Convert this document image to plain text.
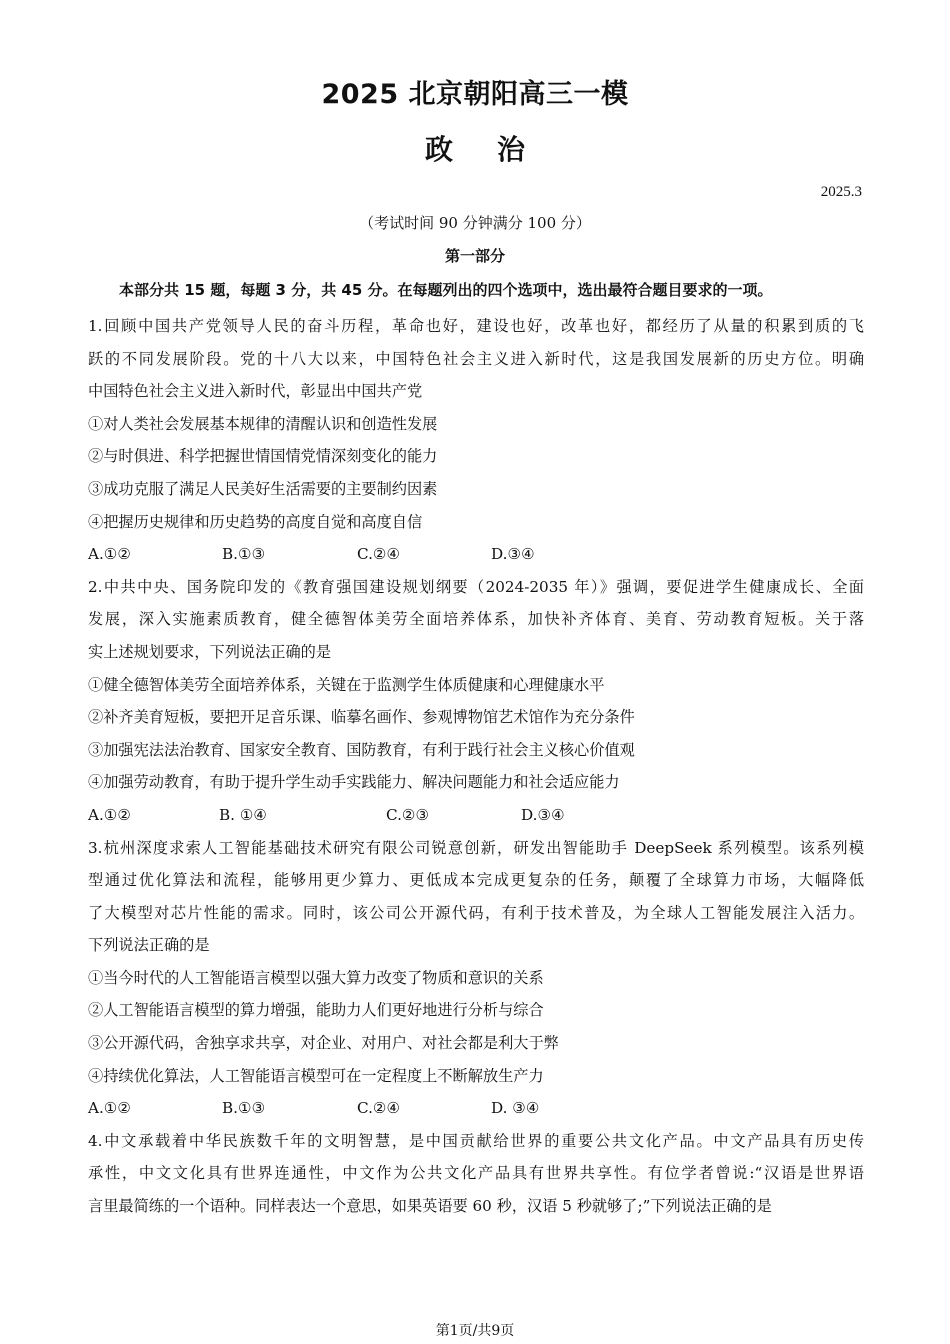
2025 北京朝阳高三一模
政治
2025.3
（考试时间 90 分钟满分 100 分）
第一部分
本部分共 15 题，每题 3 分，共 45 分。在每题列出的四个选项中，选出最符合题目要求的一项。
1.回顾中国共产党领导人民的奋斗历程，革命也好，建设也好，改革也好，都经历了从量的积累到质的飞
跃的不同发展阶段。党的十八大以来，中国特色社会主义进入新时代，这是我国发展新的历史方位。明确
中国特色社会主义进入新时代，彰显出中国共产党
①对人类社会发展基本规律的清醒认识和创造性发展
②与时俱进、科学把握世情国情党情深刻变化的能力
③成功克服了满足人民美好生活需要的主要制约因素
④把握历史规律和历史趋势的高度自觉和高度自信
A.①②	B.①③	C.②④	D.③④
2.中共中央、国务院印发的《教育强国建设规划纲要（2024-2035 年）》强调，要促进学生健康成长、全面
发展，深入实施素质教育，健全德智体美劳全面培养体系，加快补齐体育、美育、劳动教育短板。关于落
实上述规划要求，下列说法正确的是
①健全德智体美劳全面培养体系，关键在于监测学生体质健康和心理健康水平
②补齐美育短板，要把开足音乐课、临摹名画作、参观博物馆艺术馆作为充分条件
③加强宪法法治教育、国家安全教育、国防教育，有利于践行社会主义核心价值观
④加强劳动教育，有助于提升学生动手实践能力、解决问题能力和社会适应能力
A.①②	B. ①④	C.②③	D.③④
3.杭州深度求索人工智能基础技术研究有限公司锐意创新，研发出智能助手 DeepSeek 系列模型。该系列模
型通过优化算法和流程，能够用更少算力、更低成本完成更复杂的任务，颠覆了全球算力市场，大幅降低
了大模型对芯片性能的需求。同时，该公司公开源代码，有利于技术普及，为全球人工智能发展注入活力。
下列说法正确的是
①当今时代的人工智能语言模型以强大算力改变了物质和意识的关系
②人工智能语言模型的算力增强，能助力人们更好地进行分析与综合
③公开源代码，舍独享求共享，对企业、对用户、对社会都是利大于弊
④持续优化算法，人工智能语言模型可在一定程度上不断解放生产力
A.①②	B.①③	C.②④	D. ③④
4.中文承载着中华民族数千年的文明智慧，是中国贡献给世界的重要公共文化产品。中文产品具有历史传
承性，中文文化具有世界连通性，中文作为公共文化产品具有世界共享性。有位学者曾说:“汉语是世界语
言里最简练的一个语种。同样表达一个意思，如果英语要 60 秒，汉语 5 秒就够了;”下列说法正确的是
第1页/共9页
